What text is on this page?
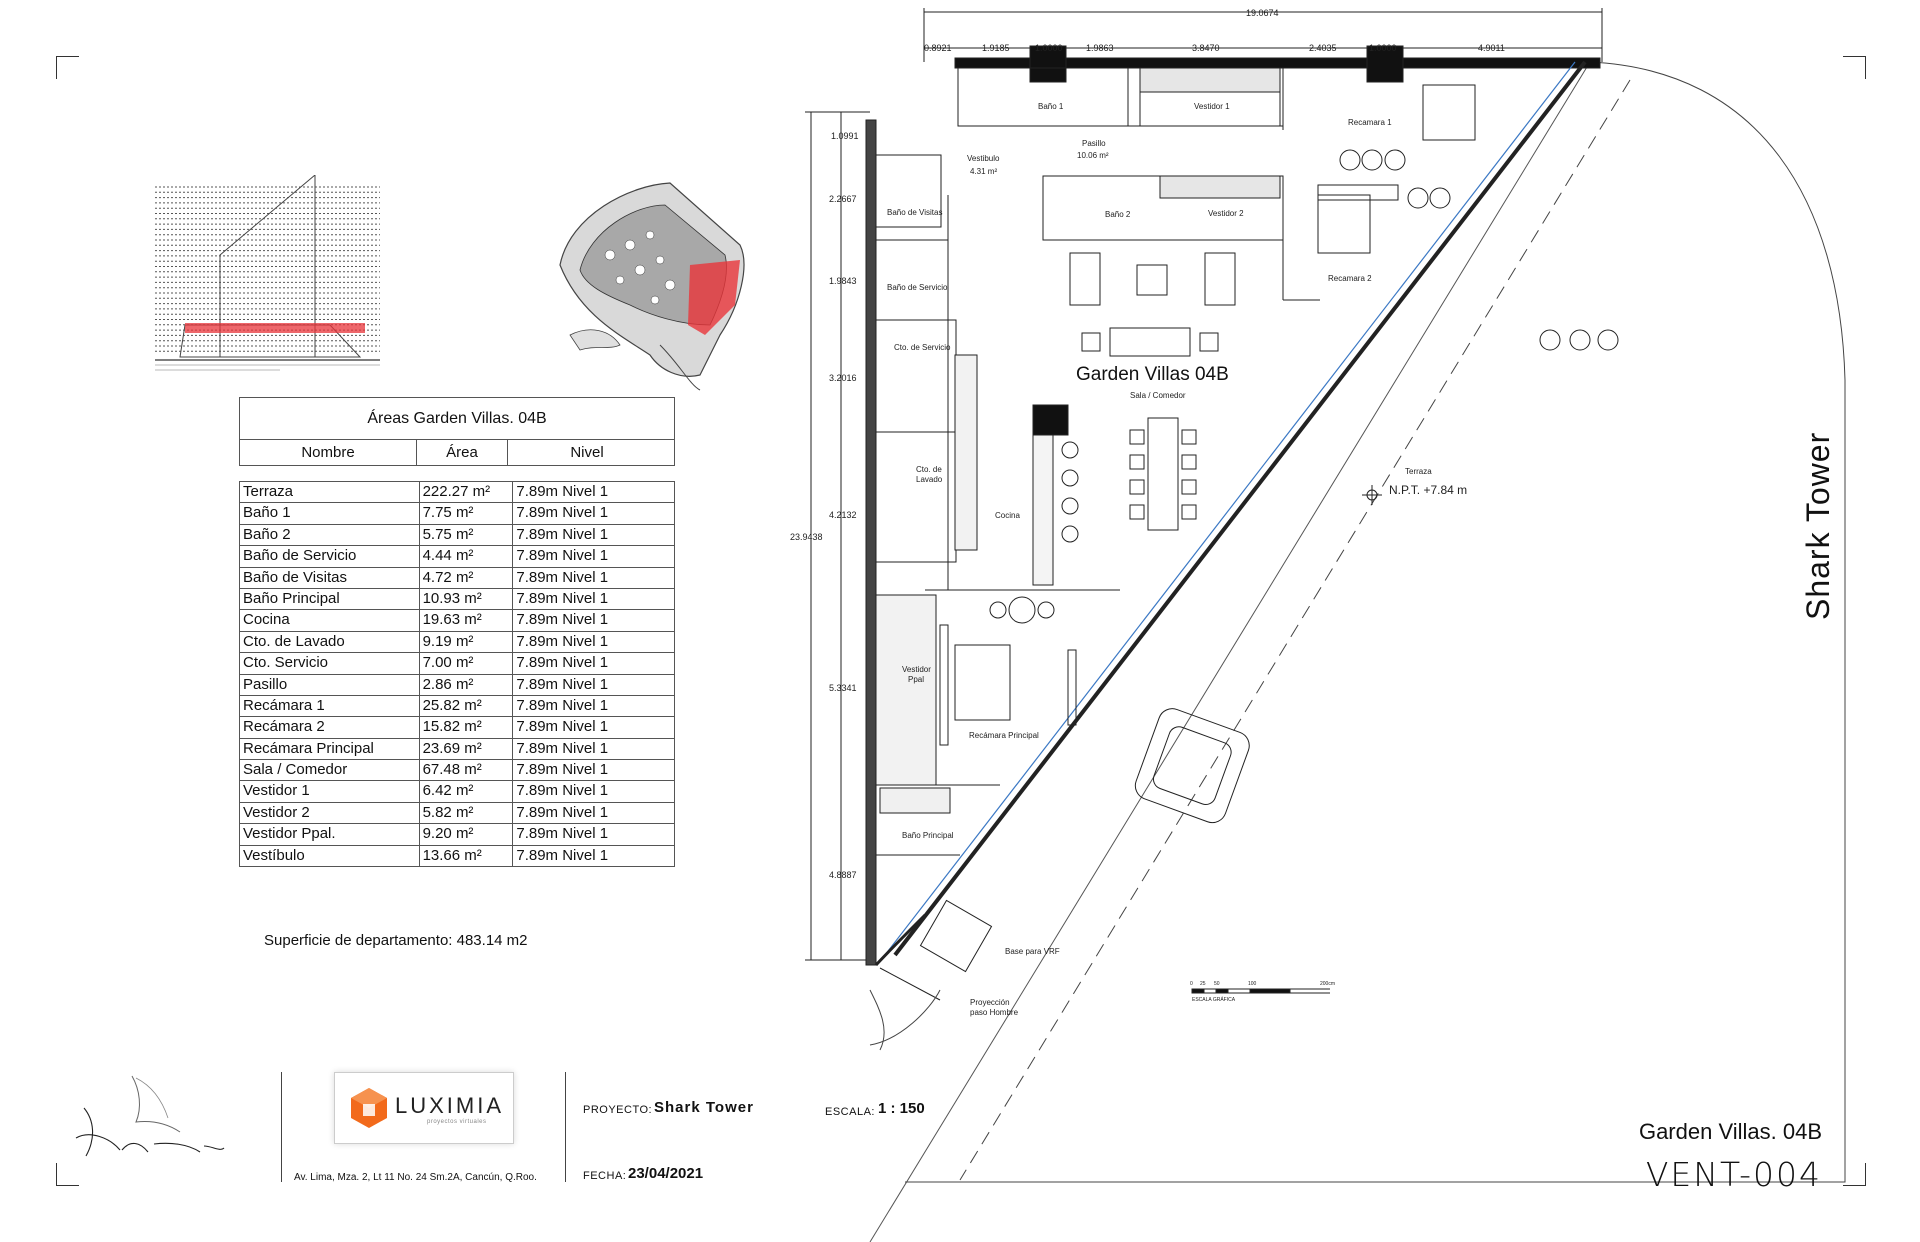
Áreas Garden Villas. 04B
Nombre	Área	Nivel
Terraza	222.27 m²	7.89m Nivel 1
Baño 1	7.75 m²	7.89m Nivel 1
Baño 2	5.75 m²	7.89m Nivel 1
Baño de Servicio	4.44 m²	7.89m Nivel 1
Baño de Visitas	4.72 m²	7.89m Nivel 1
Baño Principal	10.93 m²	7.89m Nivel 1
Cocina	19.63 m²	7.89m Nivel 1
Cto. de Lavado	9.19 m²	7.89m Nivel 1
Cto. Servicio	7.00 m²	7.89m Nivel 1
Pasillo	2.86 m²	7.89m Nivel 1
Recámara 1	25.82 m²	7.89m Nivel 1
Recámara 2	15.82 m²	7.89m Nivel 1
Recámara Principal	23.69 m²	7.89m Nivel 1
Sala / Comedor	67.48 m²	7.89m Nivel 1
Vestidor 1	6.42 m²	7.89m Nivel 1
Vestidor 2	5.82 m²	7.89m Nivel 1
Vestidor Ppal.	9.20 m²	7.89m Nivel 1
Vestíbulo	13.66 m²	7.89m Nivel 1
Superficie de departamento: 483.14 m2
19.0674
0.8921	1.9185	1.0000	1.9863	3.8470	2.4035	1.0000	4.9011
23.9438
1.0991
2.2667
1.9843
3.2016
4.2132
5.3341
4.8887
Baño 1	Vestidor 1
Recamara 1
Pasillo
10.06 m²
Vestibulo
4.31 m²
Baño 2	Vestidor 2
Baño de Visitas
Baño de Servicio
Recamara 2
Cto. de Servicio
Garden Villas 04B
Sala / Comedor
Cto. de
Lavado
Cocina
Terraza
N.P.T. +7.84 m
Vestidor
Ppal
Recámara Principal
Baño Principal
Base para VRF
Proyección
paso Hombre
0 25 50	100	200cm
ESCALA GRÁFICA
Shark Tower
LUXIMIA
proyectos virtuales
Av. Lima, Mza. 2, Lt 11 No. 24 Sm.2A, Cancún, Q.Roo.
PROYECTO: Shark Tower	ESCALA: 1 : 150
FECHA: 23/04/2021
Garden Villas. 04B
VENT-004
